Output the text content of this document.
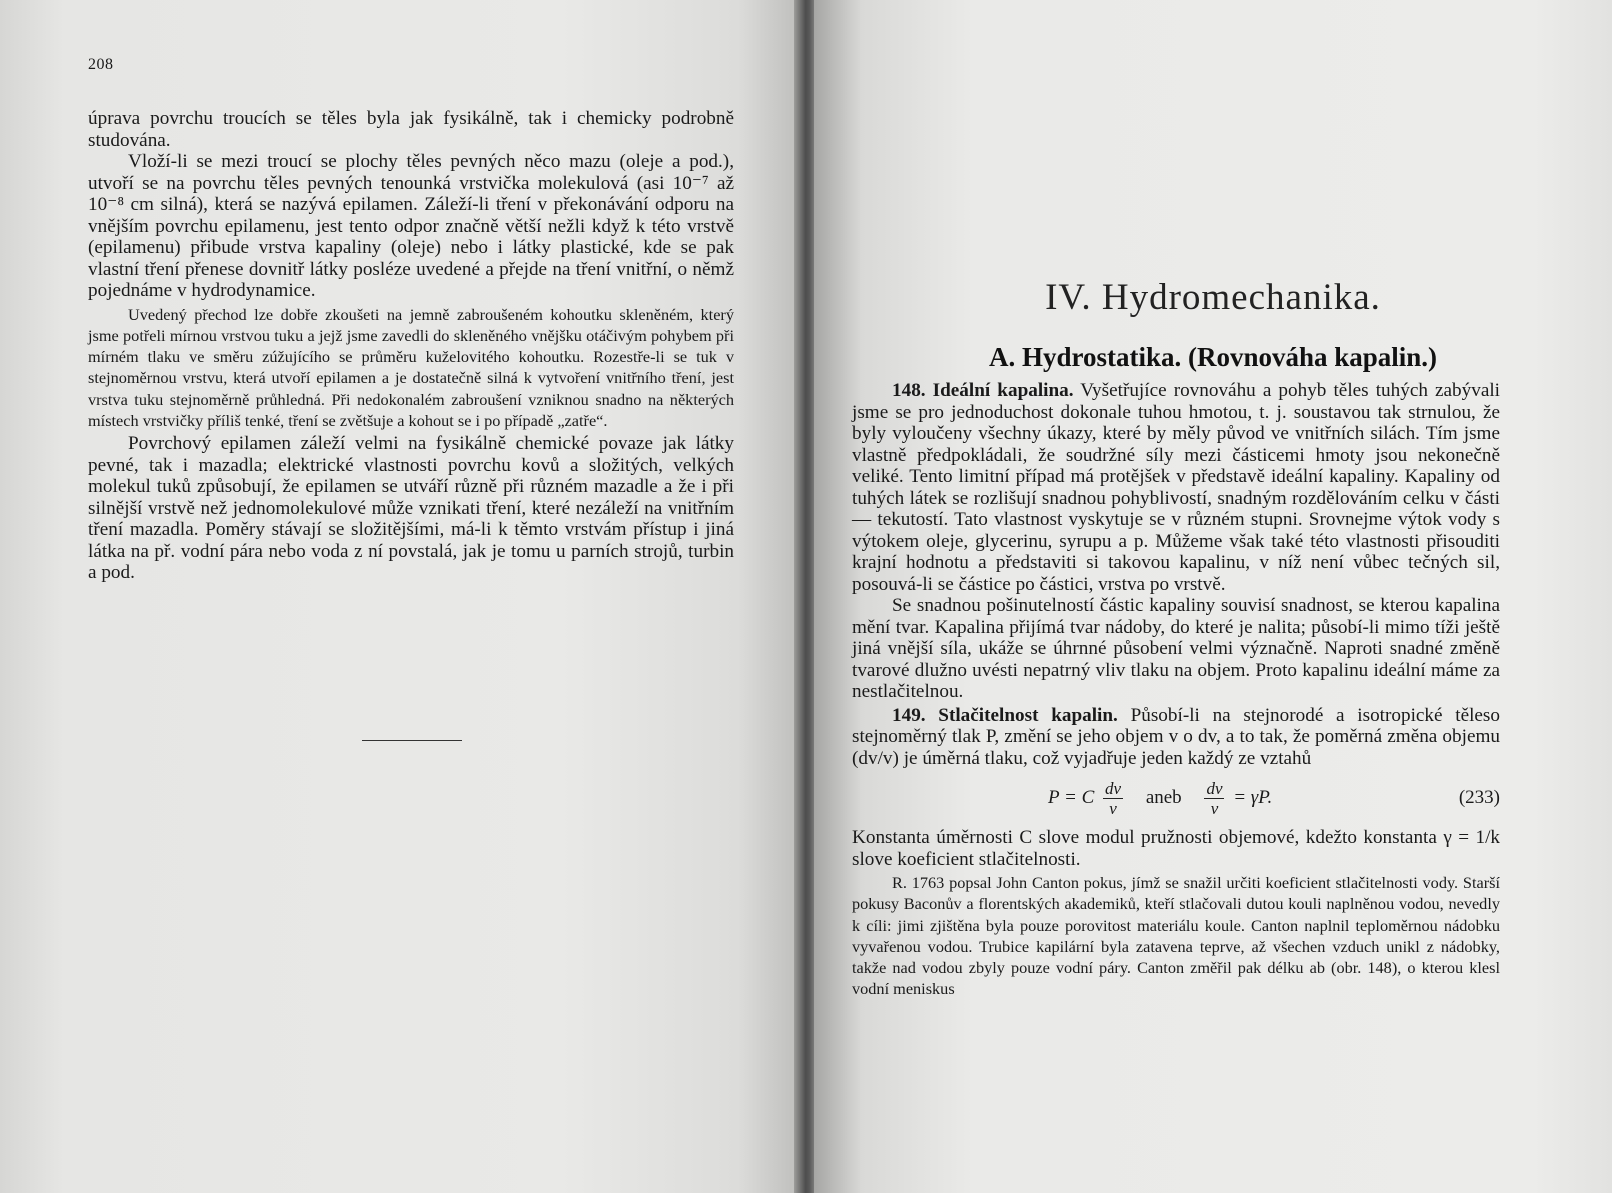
208

úprava povrchu troucích se těles byla jak fysikálně, tak i chemicky podrobně studována.

Vloží-li se mezi troucí se plochy těles pevných něco mazu (oleje a pod.), utvoří se na povrchu těles pevných tenounká vrstvička molekulová (asi 10⁻⁷ až 10⁻⁸ cm silná), která se nazývá epilamen. Záleží-li tření v překonávání odporu na vnějším povrchu epilamenu, jest tento odpor značně větší nežli když k této vrstvě (epilamenu) přibude vrstva kapaliny (oleje) nebo i látky plastické, kde se pak vlastní tření přenese dovnitř látky posléze uvedené a přejde na tření vnitřní, o němž pojednáme v hydrodynamice.

Uvedený přechod lze dobře zkoušeti na jemně zabroušeném kohoutku skleněném, který jsme potřeli mírnou vrstvou tuku a jejž jsme zavedli do skleněného vnějšku otáčivým pohybem při mírném tlaku ve směru zúžujícího se průměru kuželovitého kohoutku. Rozestře-li se tuk v stejnoměrnou vrstvu, která utvoří epilamen a je dostatečně silná k vytvoření vnitřního tření, jest vrstva tuku stejnoměrně průhledná. Při nedokonalém zabroušení vzniknou snadno na některých místech vrstvičky příliš tenké, tření se zvětšuje a kohout se i po případě „zatře“.

Povrchový epilamen záleží velmi na fysikálně chemické povaze jak látky pevné, tak i mazadla; elektrické vlastnosti povrchu kovů a složitých, velkých molekul tuků způsobují, že epilamen se utváří různě při různém mazadle a že i při silnější vrstvě než jednomolekulové může vznikati tření, které nezáleží na vnitřním tření mazadla. Poměry stávají se složitějšími, má-li k těmto vrstvám přístup i jiná látka na př. vodní pára nebo voda z ní povstalá, jak je tomu u parních strojů, turbin a pod.

IV. Hydromechanika.
A. Hydrostatika. (Rovnováha kapalin.)

148. Ideální kapalina. Vyšetřujíce rovnováhu a pohyb těles tuhých zabývali jsme se pro jednoduchost dokonale tuhou hmotou, t. j. soustavou tak strnulou, že byly vyloučeny všechny úkazy, které by měly původ ve vnitřních silách. Tím jsme vlastně předpokládali, že soudržné síly mezi částicemi hmoty jsou nekonečně veliké. Tento limitní případ má protějšek v představě ideální kapaliny. Kapaliny od tuhých látek se rozlišují snadnou pohyblivostí, snadným rozdělováním celku v části — tekutostí. Tato vlastnost vyskytuje se v různém stupni. Srovnejme výtok vody s výtokem oleje, glycerinu, syrupu a p. Můžeme však také této vlastnosti přisouditi krajní hodnotu a představiti si takovou kapalinu, v níž není vůbec tečných sil, posouvá-li se částice po částici, vrstva po vrstvě.

Se snadnou pošinutelností částic kapaliny souvisí snadnost, se kterou kapalina mění tvar. Kapalina přijímá tvar nádoby, do které je nalita; působí-li mimo tíži ještě jiná vnější síla, ukáže se úhrnné působení velmi význačně. Naproti snadné změně tvarové dlužno uvésti nepatrný vliv tlaku na objem. Proto kapalinu ideální máme za nestlačitelnou.

149. Stlačitelnost kapalin. Působí-li na stejnorodé a isotropické těleso stejnoměrný tlak P, změní se jeho objem v o dv, a to tak, že poměrná změna objemu (dv/v) je úměrná tlaku, což vyjadřuje jeden každý ze vztahů

P = C $\frac{dv}{v}$ aneb $\frac{dv}{v} = \gamma P$.	(233)

Konstanta úměrnosti C slove modul pružnosti objemové, kdežto konstanta γ = 1/k slove koeficient stlačitelnosti.

R. 1763 popsal John Canton pokus, jímž se snažil určiti koeficient stlačitelnosti vody. Starší pokusy Baconův a florentských akademiků, kteří stlačovali dutou kouli naplněnou vodou, nevedly k cíli: jimi zjištěna byla pouze porovitost materiálu koule. Canton naplnil teploměrnou nádobku vyvařenou vodou. Trubice kapilární byla zatavena teprve, až všechen vzduch unikl z nádobky, takže nad vodou zbyly pouze vodní páry. Canton změřil pak délku ab (obr. 148), o kterou klesl vodní meniskus
